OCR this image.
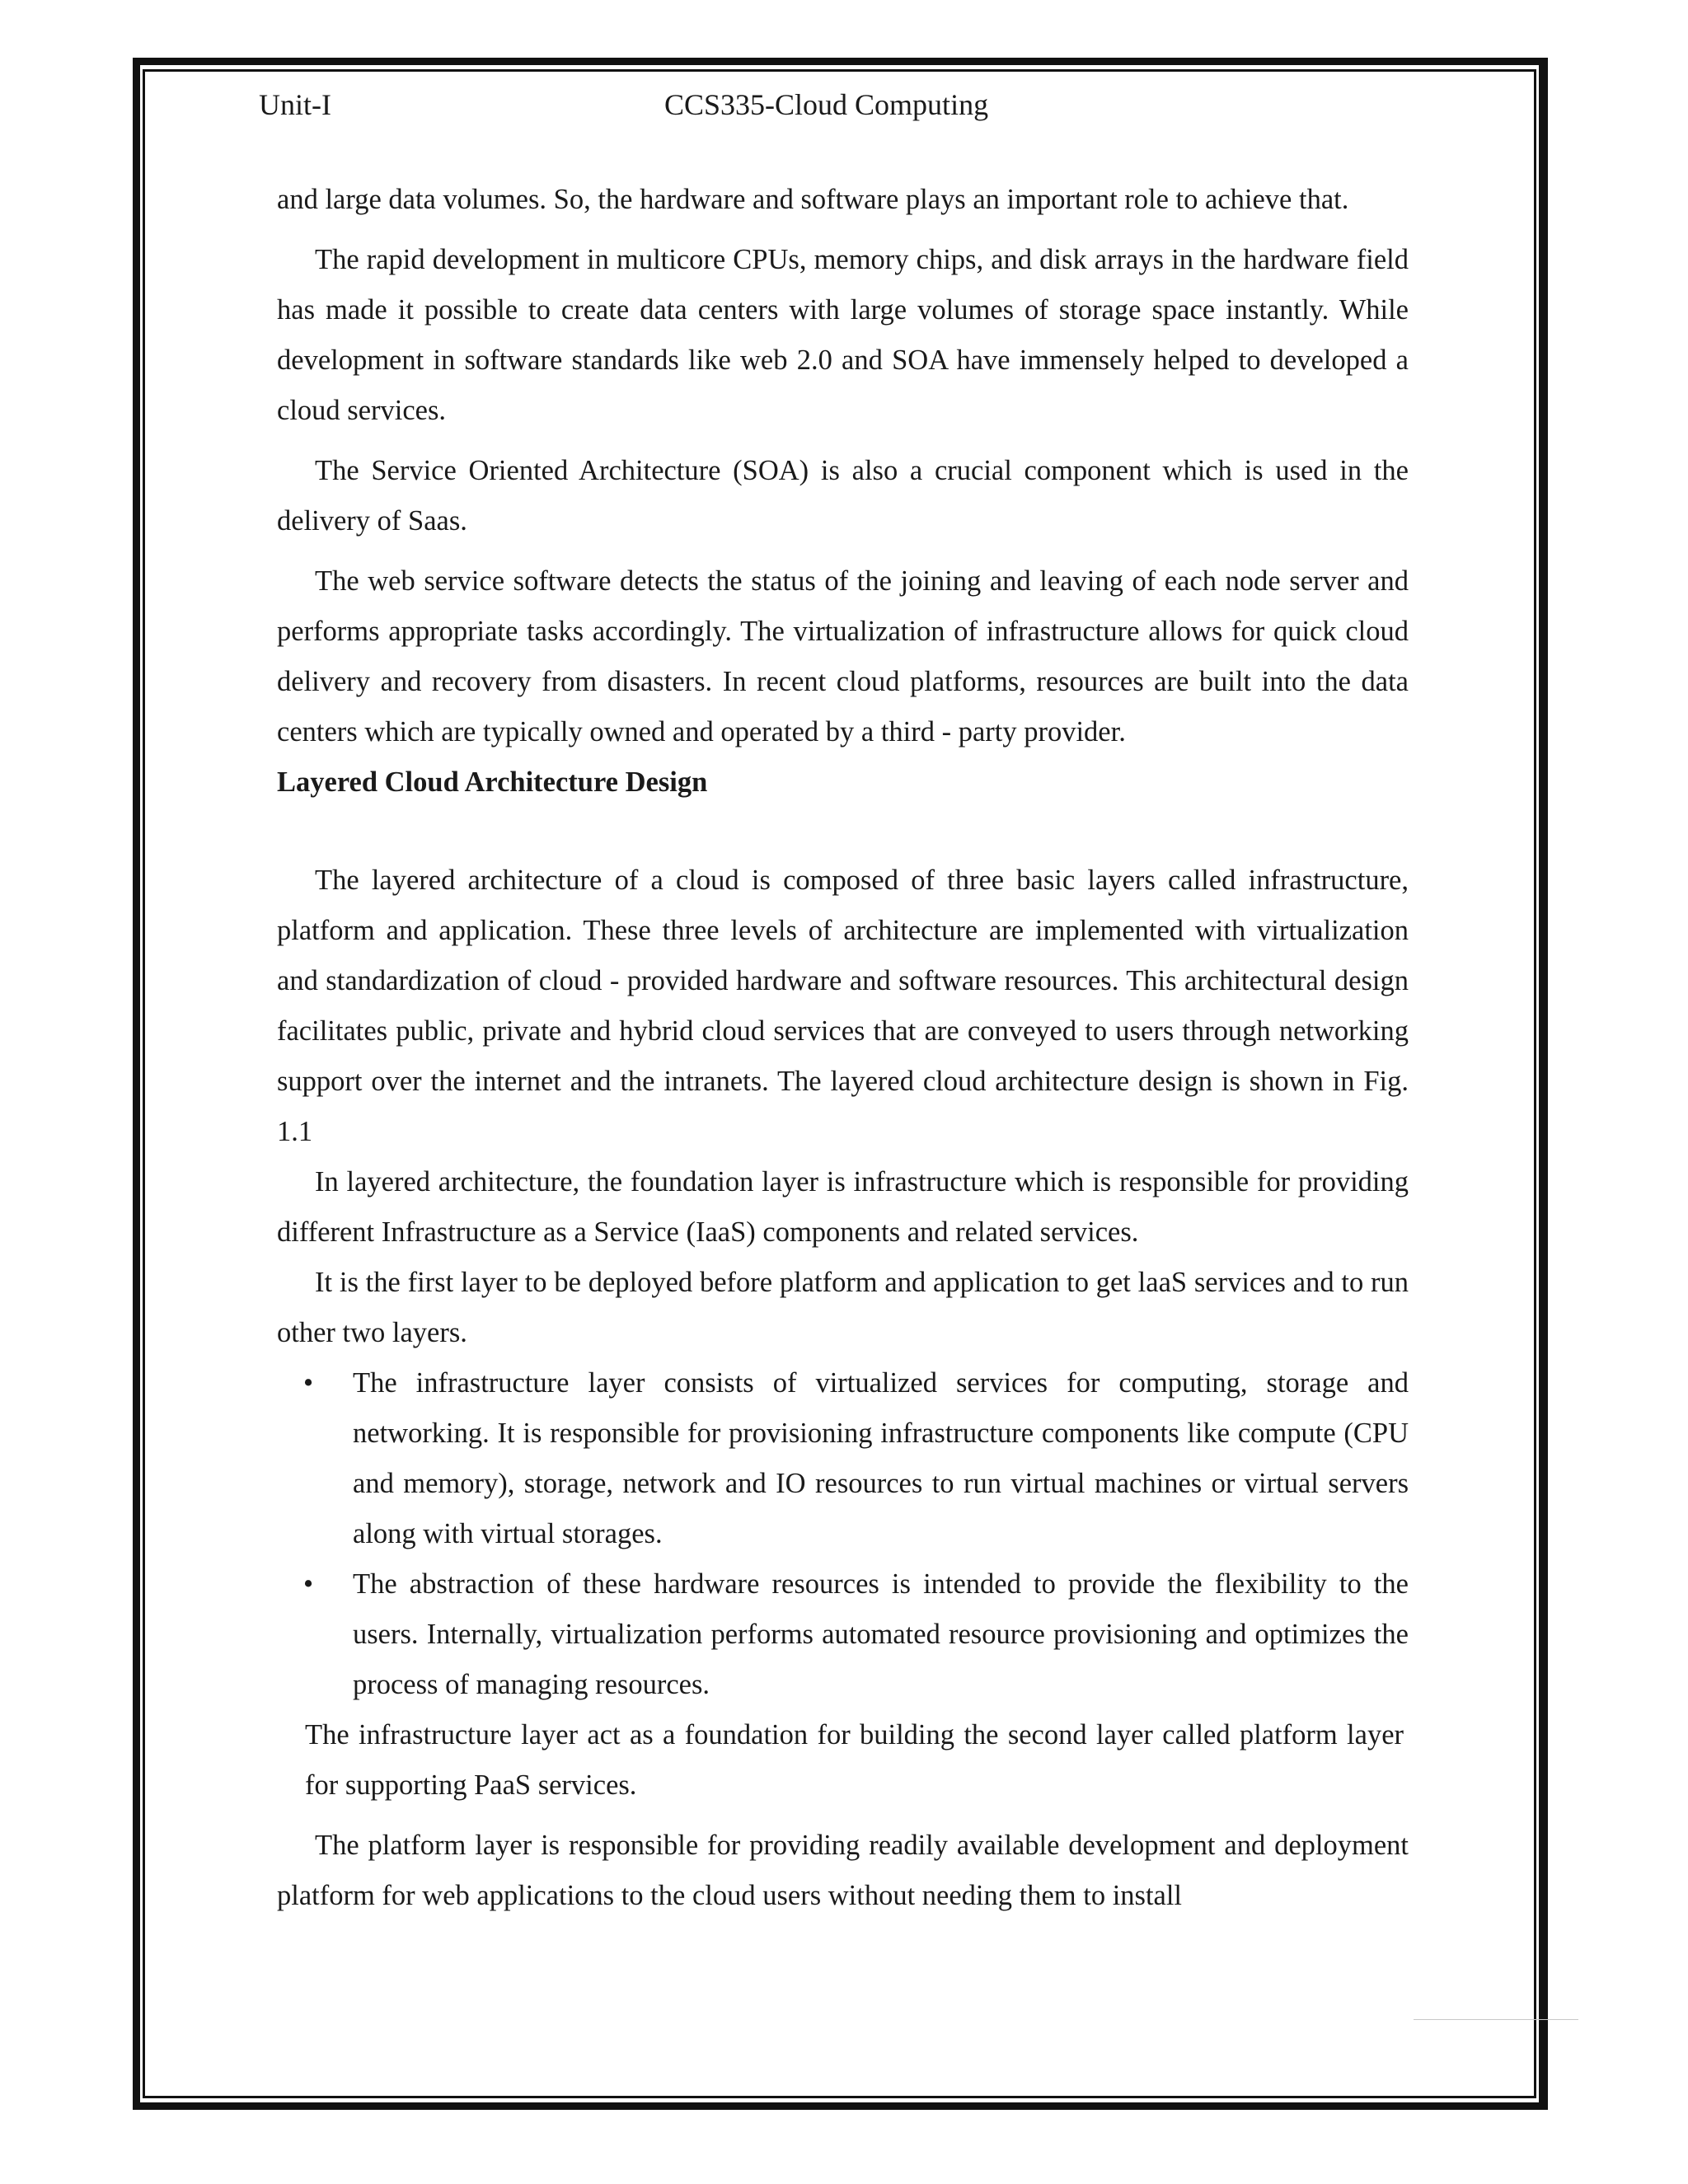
Unit-I	CCS335-Cloud Computing

and large data volumes. So, the hardware and software plays an important role to achieve that.

The rapid development in multicore CPUs, memory chips, and disk arrays in the hardware field has made it possible to create data centers with large volumes of storage space instantly. While development in software standards like web 2.0 and SOA have immensely helped to developed a cloud services.

The Service Oriented Architecture (SOA) is also a crucial component which is used in the delivery of Saas.

The web service software detects the status of the joining and leaving of each node server and performs appropriate tasks accordingly. The virtualization of infrastructure allows for quick cloud delivery and recovery from disasters. In recent cloud platforms, resources are built into the data centers which are typically owned and operated by a third - party provider.

Layered Cloud Architecture Design

The layered architecture of a cloud is composed of three basic layers called infrastructure, platform and application. These three levels of architecture are implemented with virtualization and standardization of cloud - provided hardware and software resources. This architectural design facilitates public, private and hybrid cloud services that are conveyed to users through networking support over the internet and the intranets. The layered cloud architecture design is shown in Fig. 1.1

In layered architecture, the foundation layer is infrastructure which is responsible for providing different Infrastructure as a Service (IaaS) components and related services.

It is the first layer to be deployed before platform and application to get laaS services and to run other two layers.

• The infrastructure layer consists of virtualized services for computing, storage and networking. It is responsible for provisioning infrastructure components like compute (CPU and memory), storage, network and IO resources to run virtual machines or virtual servers along with virtual storages.
• The abstraction of these hardware resources is intended to provide the flexibility to the users. Internally, virtualization performs automated resource provisioning and optimizes the process of managing resources.

The infrastructure layer act as a foundation for building the second layer called platform layer for supporting PaaS services.

The platform layer is responsible for providing readily available development and deployment platform for web applications to the cloud users without needing them to install
